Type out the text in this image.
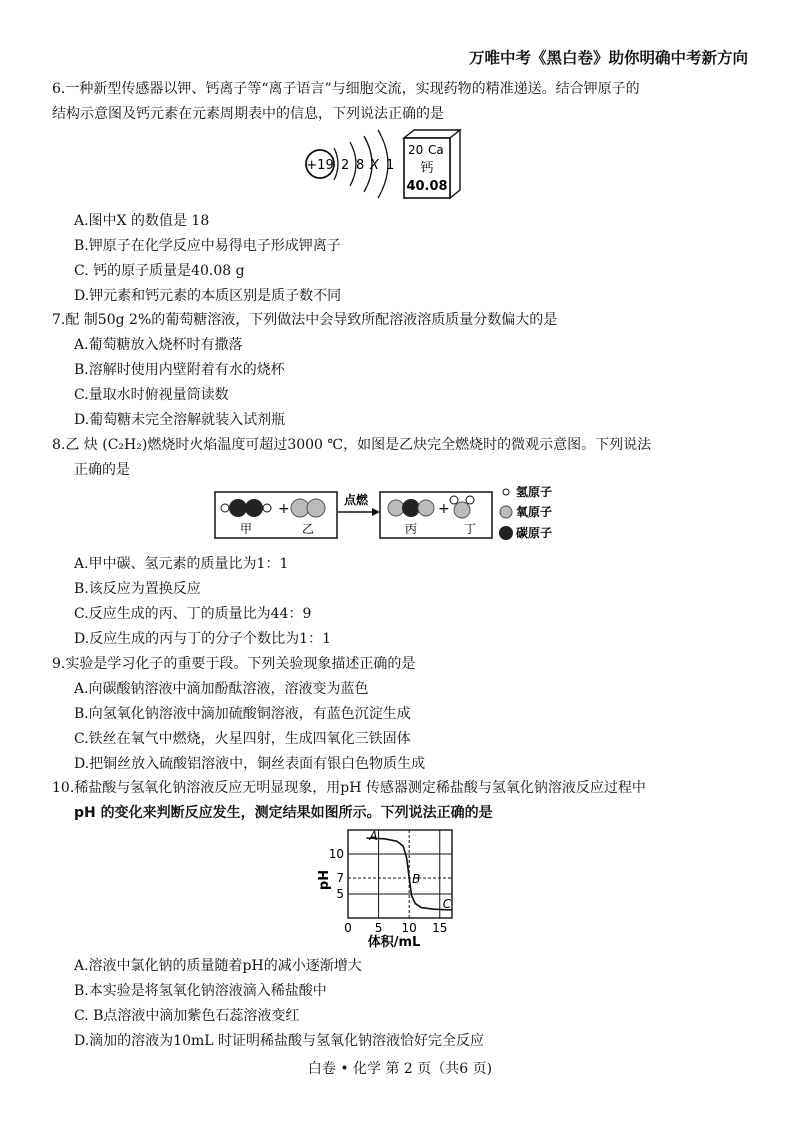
万唯中考《黑白卷》助你明确中考新方向
6.一种新型传感器以钾、钙离子等“离子语言”与细胞交流，实现药物的精准递送。结合钾原子的
结构示意图及钙元素在元素周期表中的信息，下列说法正确的是
+19 2 8 X 1
20 Ca
钙
40.08
A.图中X 的数值是 18
B.钾原子在化学反应中易得电子形成钾离子
C. 钙的原子质量是40.08 g
D.钾元素和钙元素的本质区别是质子数不同
7.配 制50g 2%的葡萄糖溶液，下列做法中会导致所配溶液溶质质量分数偏大的是
A.葡萄糖放入烧杯时有撒落
B.溶解时使用内壁附着有水的烧杯
C.量取水时俯视量筒读数
D.葡萄糖未完全溶解就装入试剂瓶
8.乙 炔 (C₂H₂)燃烧时火焰温度可超过3000 ℃，如图是乙炔完全燃烧时的微观示意图。下列说法
正确的是
+
甲	乙
点燃
+
丙	丁
氢原子
氧原子
碳原子
A.甲中碳、氢元素的质量比为1：1
B.该反应为置换反应
C.反应生成的丙、丁的质量比为44：9
D.反应生成的丙与丁的分子个数比为1：1
9.实验是学习化子的重要于段。下列关验现象描述正确的是
A.向碳酸钠溶液中滴加酚酞溶液，溶液变为蓝色
B.向氢氧化钠溶液中滴加硫酸铜溶液，有蓝色沉淀生成
C.铁丝在氧气中燃烧，火星四射，生成四氧化三铁固体
D.把铜丝放入硫酸铝溶液中，铜丝表面有银白色物质生成
10.稀盐酸与氢氧化钠溶液反应无明显现象，用pH 传感器测定稀盐酸与氢氧化钠溶液反应过程中
pH 的变化来判断反应发生，测定结果如图所示。下列说法正确的是
0 5 10 15
5
7
10
A
B
C
pH
体积/mL
A.溶液中氯化钠的质量随着pH的减小逐渐增大
B.本实验是将氢氧化钠溶液滴入稀盐酸中
C. B点溶液中滴加紫色石蕊溶液变红
D.滴加的溶液为10mL 时证明稀盐酸与氢氧化钠溶液恰好完全反应
白卷 • 化学 第 2 页（共6 页)
